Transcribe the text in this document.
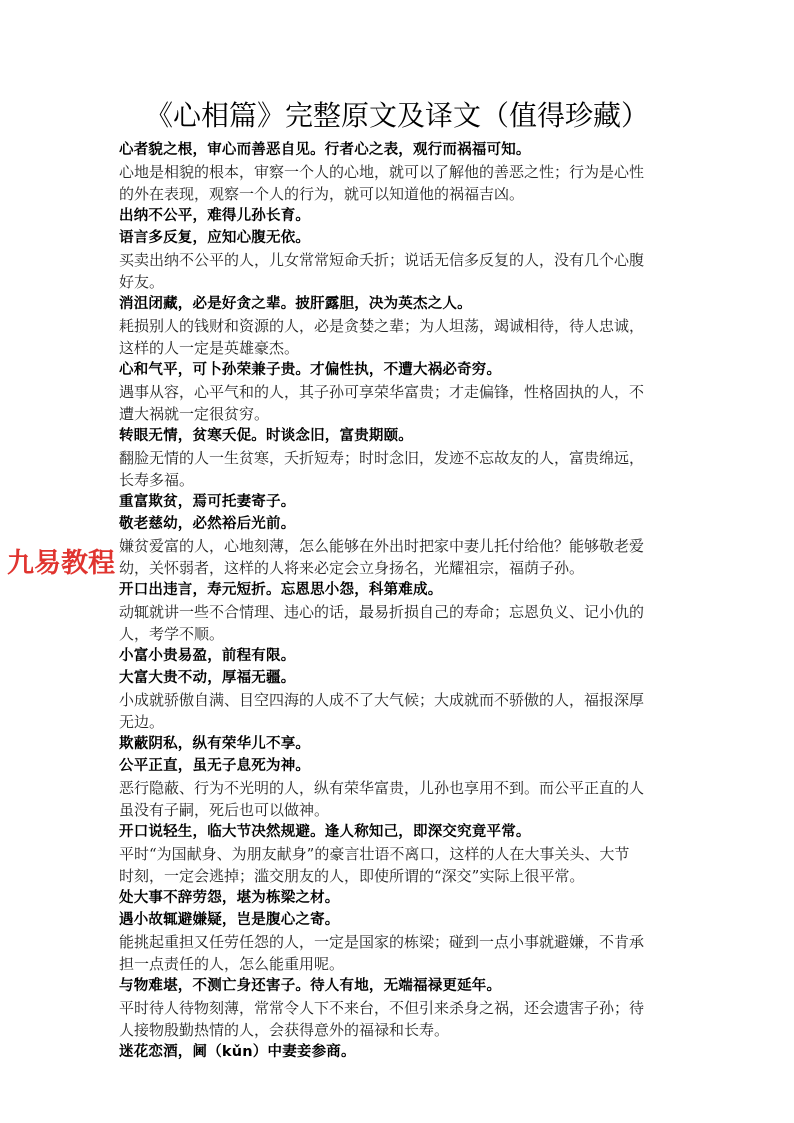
《心相篇》完整原文及译文（值得珍藏）

心者貌之根，审心而善恶自见。行者心之表，观行而祸福可知。

心地是相貌的根本，审察一个人的心地，就可以了解他的善恶之性；行为是心性

的外在表现，观察一个人的行为，就可以知道他的祸福吉凶。

出纳不公平，难得儿孙长育。

语言多反复，应知心腹无依。

买卖出纳不公平的人，儿女常常短命夭折；说话无信多反复的人，没有几个心腹

好友。

消沮闭藏，必是好贪之辈。披肝露胆，决为英杰之人。

耗损别人的钱财和资源的人，必是贪婪之辈；为人坦荡，竭诚相待，待人忠诚，

这样的人一定是英雄豪杰。

心和气平，可卜孙荣兼子贵。才偏性执，不遭大祸必奇穷。

遇事从容，心平气和的人，其子孙可享荣华富贵；才走偏锋，性格固执的人，不

遭大祸就一定很贫穷。

转眼无情，贫寒夭促。时谈念旧，富贵期颐。

翻脸无情的人一生贫寒，夭折短寿；时时念旧，发迹不忘故友的人，富贵绵远，

长寿多福。

重富欺贫，焉可托妻寄子。

敬老慈幼，必然裕后光前。

嫌贫爱富的人，心地刻薄，怎么能够在外出时把家中妻儿托付给他？能够敬老爱

幼，关怀弱者，这样的人将来必定会立身扬名，光耀祖宗，福荫子孙。

开口出违言，寿元短折。忘恩思小怨，科第难成。

动辄就讲一些不合情理、违心的话，最易折损自己的寿命；忘恩负义、记小仇的

人，考学不顺。

小富小贵易盈，前程有限。

大富大贵不动，厚福无疆。

小成就骄傲自满、目空四海的人成不了大气候；大成就而不骄傲的人，福报深厚

无边。

欺蔽阴私，纵有荣华儿不享。

公平正直，虽无子息死为神。

恶行隐蔽、行为不光明的人，纵有荣华富贵，儿孙也享用不到。而公平正直的人

虽没有子嗣，死后也可以做神。

开口说轻生，临大节决然规避。逢人称知己，即深交究竟平常。

平时“为国献身、为朋友献身”的豪言壮语不离口，这样的人在大事关头、大节

时刻，一定会逃掉；滥交朋友的人，即使所谓的“深交”实际上很平常。

处大事不辞劳怨，堪为栋梁之材。

遇小故辄避嫌疑，岂是腹心之寄。

能挑起重担又任劳任怨的人，一定是国家的栋梁；碰到一点小事就避嫌，不肯承

担一点责任的人，怎么能重用呢。

与物难堪，不测亡身还害子。待人有地，无端福禄更延年。

平时待人待物刻薄，常常令人下不来台，不但引来杀身之祸，还会遗害子孙；待

人接物殷勤热情的人，会获得意外的福禄和长寿。

迷花恋酒，阃（kǔn）中妻妾参商。

九易教程
